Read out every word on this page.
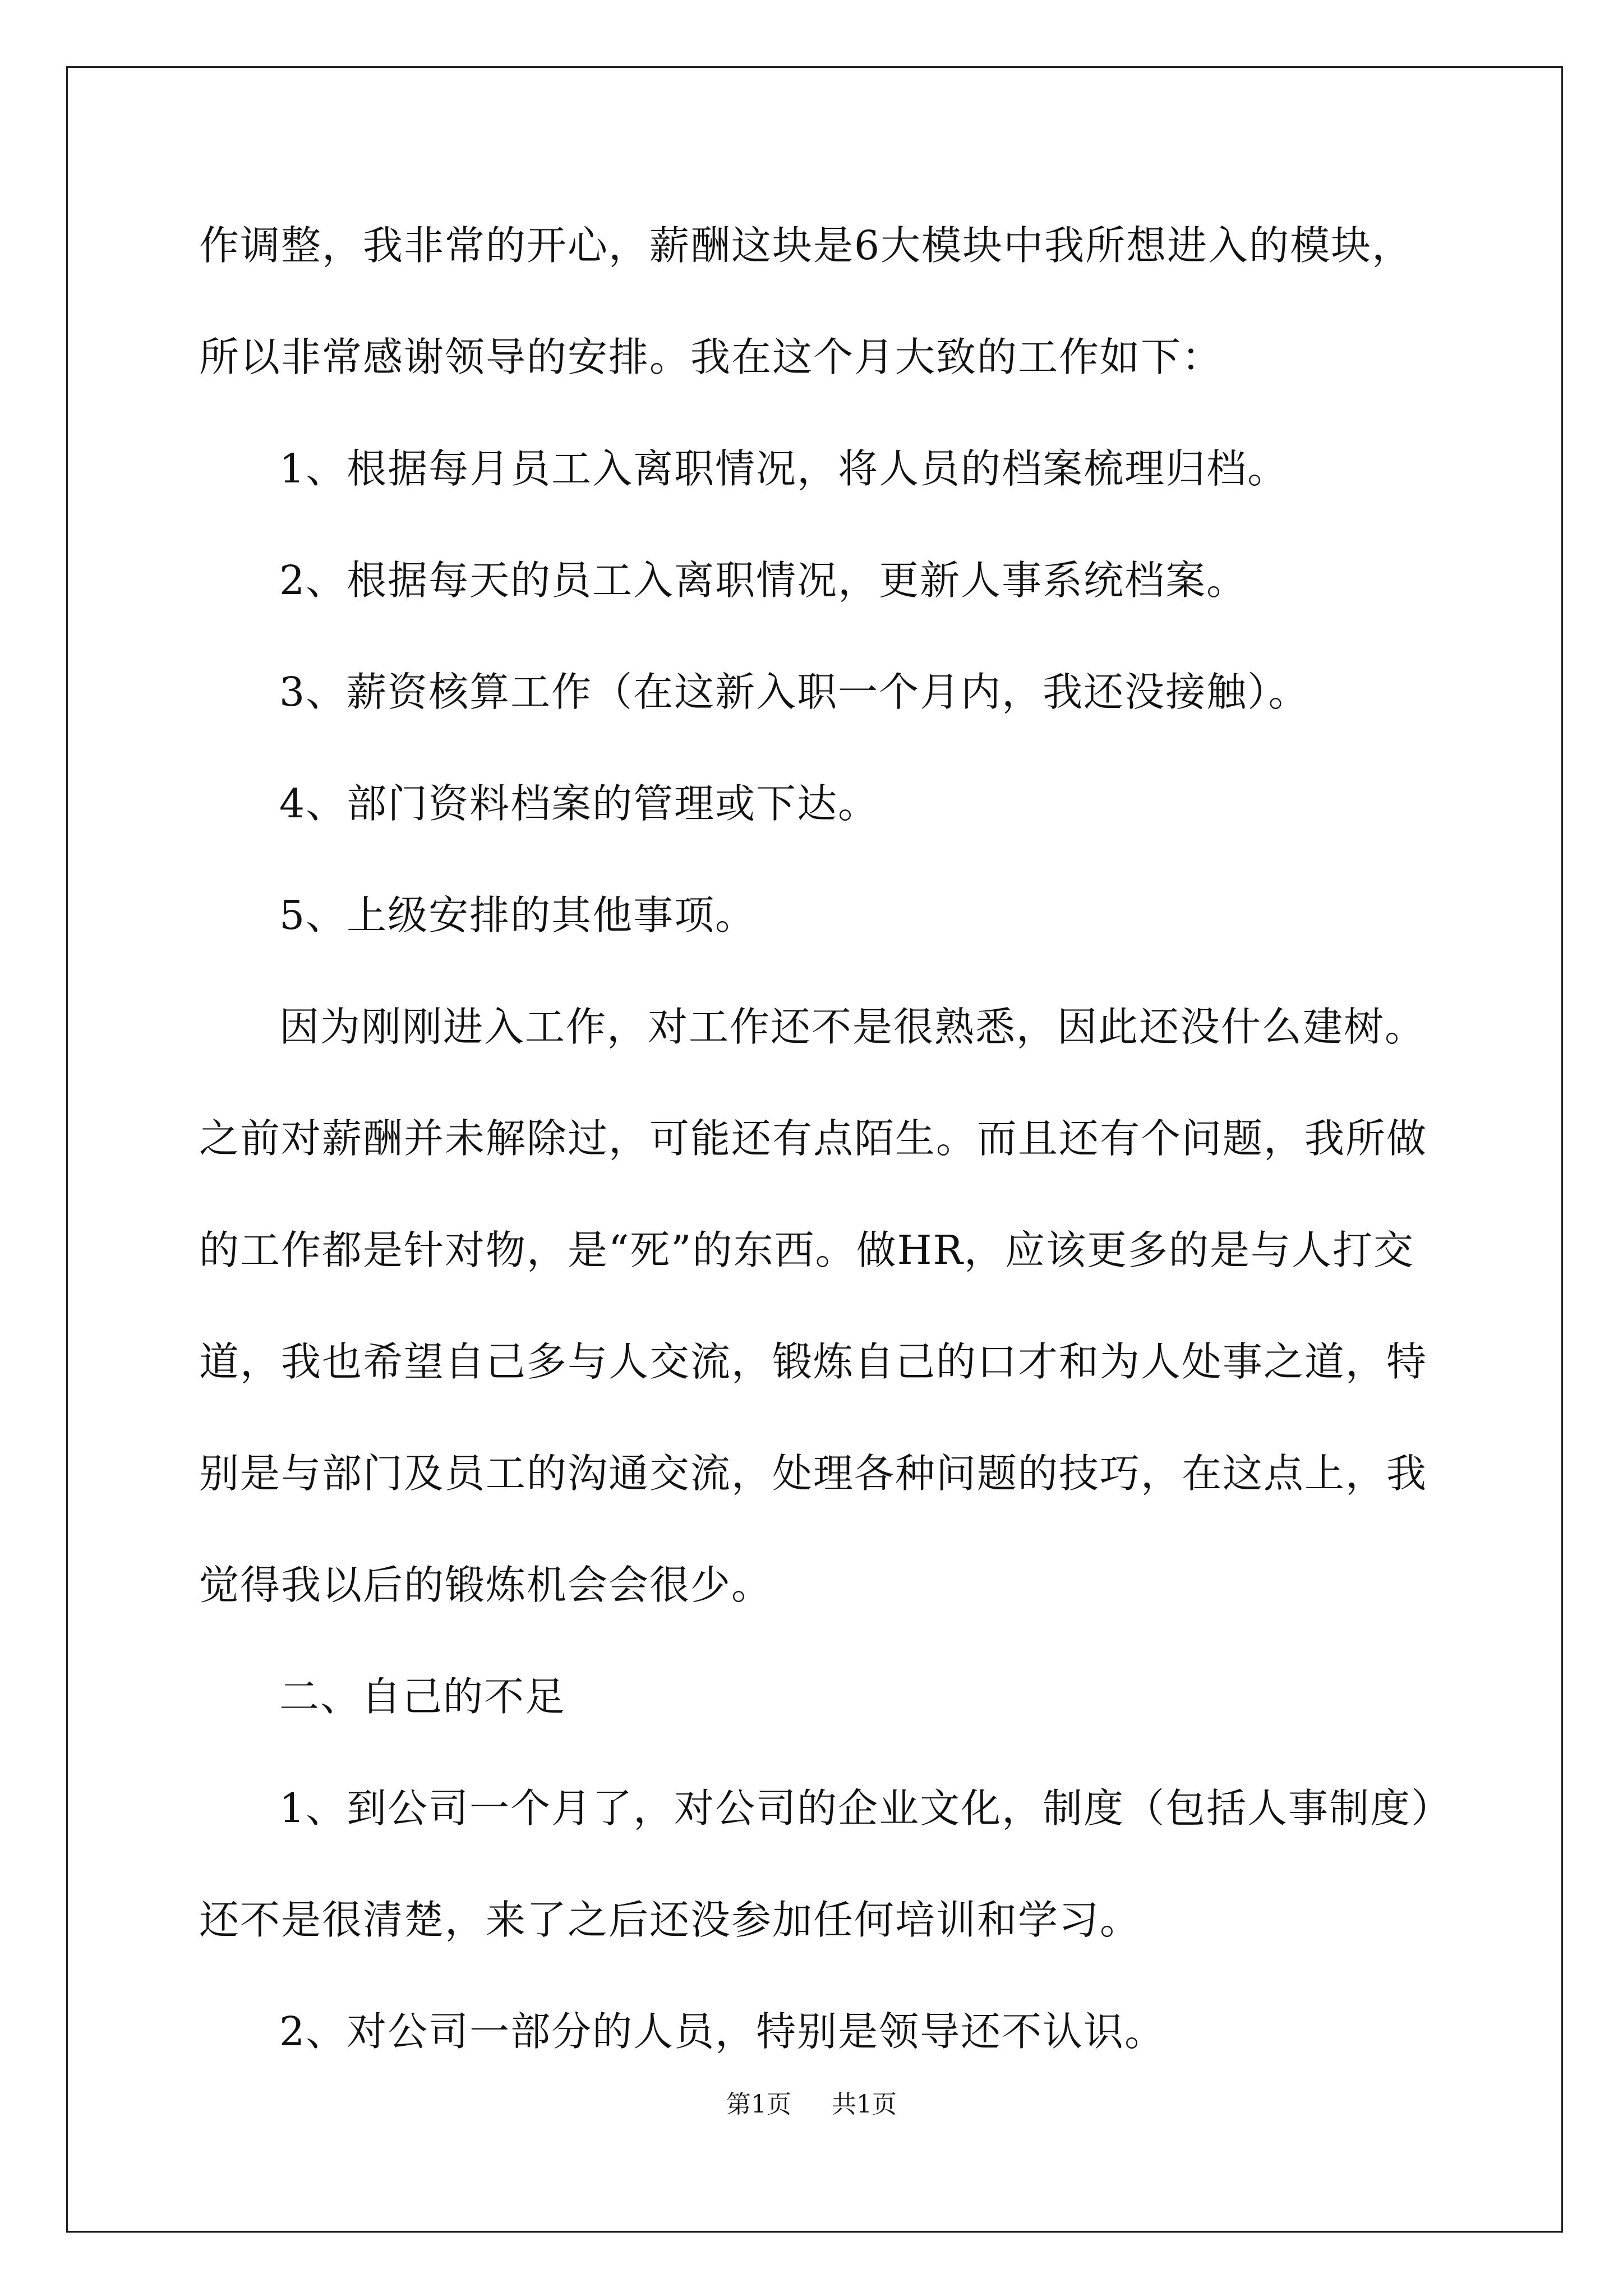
作调整，我非常的开心，薪酬这块是6大模块中我所想进入的模块，
所以非常感谢领导的安排。我在这个月大致的工作如下：
1、根据每月员工入离职情况，将人员的档案梳理归档。
2、根据每天的员工入离职情况，更新人事系统档案。
3、薪资核算工作（在这新入职一个月内，我还没接触）。
4、部门资料档案的管理或下达。
5、上级安排的其他事项。
因为刚刚进入工作，对工作还不是很熟悉，因此还没什么建树。
之前对薪酬并未解除过，可能还有点陌生。而且还有个问题，我所做
的工作都是针对物，是“死”的东西。做HR，应该更多的是与人打交
道，我也希望自己多与人交流，锻炼自己的口才和为人处事之道，特
别是与部门及员工的沟通交流，处理各种问题的技巧，在这点上，我
觉得我以后的锻炼机会会很少。
二、自己的不足
1、到公司一个月了，对公司的企业文化，制度（包括人事制度）
还不是很清楚，来了之后还没参加任何培训和学习。
2、对公司一部分的人员，特别是领导还不认识。
第1页 共1页
